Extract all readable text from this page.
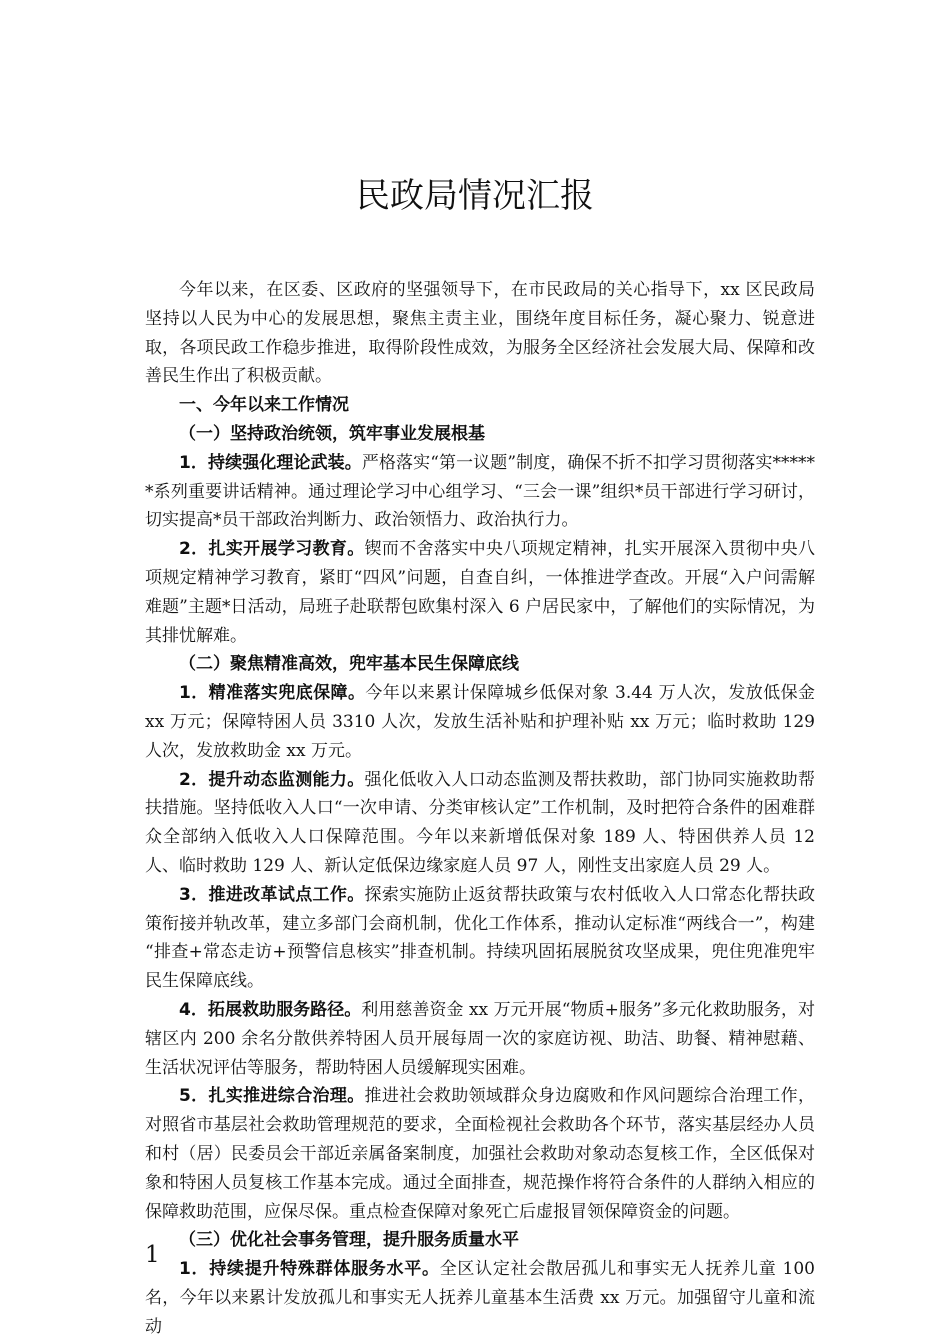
民政局情况汇报

今年以来，在区委、区政府的坚强领导下，在市民政局的关心指导下，xx 区民政局坚持以人民为中心的发展思想，聚焦主责主业，围绕年度目标任务，凝心聚力、锐意进取，各项民政工作稳步推进，取得阶段性成效，为服务全区经济社会发展大局、保障和改善民生作出了积极贡献。

一、今年以来工作情况

（一）坚持政治统领，筑牢事业发展根基

1．持续强化理论武装。严格落实“第一议题”制度，确保不折不扣学习贯彻落实******系列重要讲话精神。通过理论学习中心组学习、“三会一课”组织*员干部进行学习研讨，切实提高*员干部政治判断力、政治领悟力、政治执行力。

2．扎实开展学习教育。锲而不舍落实中央八项规定精神，扎实开展深入贯彻中央八项规定精神学习教育，紧盯“四风”问题，自查自纠，一体推进学查改。开展“入户问需解难题”主题*日活动，局班子赴联帮包欧集村深入 6 户居民家中，了解他们的实际情况，为其排忧解难。

（二）聚焦精准高效，兜牢基本民生保障底线

1．精准落实兜底保障。今年以来累计保障城乡低保对象 3.44 万人次，发放低保金 xx 万元；保障特困人员 3310 人次，发放生活补贴和护理补贴 xx 万元；临时救助 129 人次，发放救助金 xx 万元。

2．提升动态监测能力。强化低收入人口动态监测及帮扶救助，部门协同实施救助帮扶措施。坚持低收入人口“一次申请、分类审核认定”工作机制，及时把符合条件的困难群众全部纳入低收入人口保障范围。今年以来新增低保对象 189 人、特困供养人员 12 人、临时救助 129 人、新认定低保边缘家庭人员 97 人，刚性支出家庭人员 29 人。

3．推进改革试点工作。探索实施防止返贫帮扶政策与农村低收入人口常态化帮扶政策衔接并轨改革，建立多部门会商机制，优化工作体系，推动认定标准“两线合一”，构建“排查+常态走访+预警信息核实”排查机制。持续巩固拓展脱贫攻坚成果，兜住兜准兜牢民生保障底线。

4．拓展救助服务路径。利用慈善资金 xx 万元开展“物质+服务”多元化救助服务，对辖区内 200 余名分散供养特困人员开展每周一次的家庭访视、助洁、助餐、精神慰藉、生活状况评估等服务，帮助特困人员缓解现实困难。

5．扎实推进综合治理。推进社会救助领域群众身边腐败和作风问题综合治理工作，对照省市基层社会救助管理规范的要求，全面检视社会救助各个环节，落实基层经办人员和村（居）民委员会干部近亲属备案制度，加强社会救助对象动态复核工作，全区低保对象和特困人员复核工作基本完成。通过全面排查，规范操作将符合条件的人群纳入相应的保障救助范围，应保尽保。重点检查保障对象死亡后虚报冒领保障资金的问题。

（三）优化社会事务管理，提升服务质量水平

1．持续提升特殊群体服务水平。全区认定社会散居孤儿和事实无人抚养儿童 100 名，今年以来累计发放孤儿和事实无人抚养儿童基本生活费 xx 万元。加强留守儿童和流动

1
